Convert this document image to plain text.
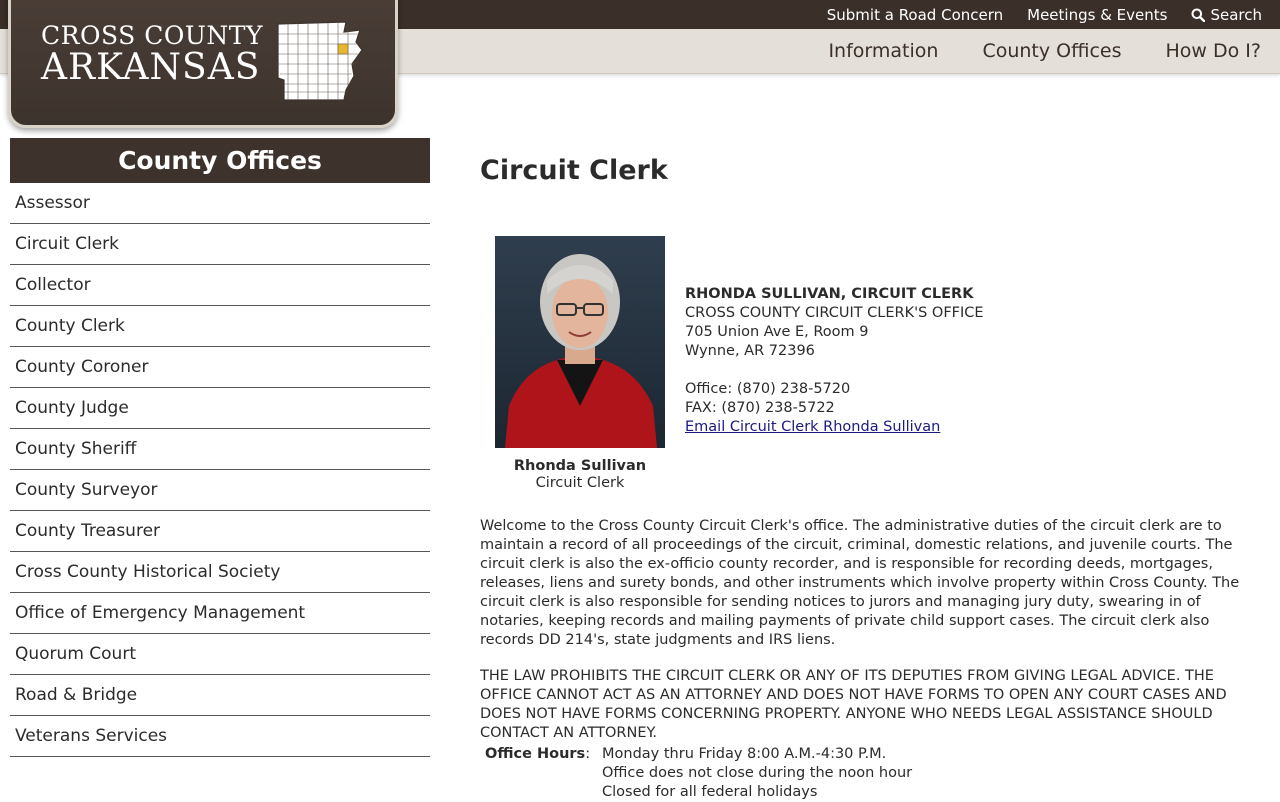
Submit a Road Concern Meetings & Events	Search
Information County Offices How Do I?
CROSS COUNTY
ARKANSAS
County Offices
Assessor
Circuit Clerk
Collector
County Clerk
County Coroner
County Judge
County Sheriff
County Surveyor
County Treasurer
Cross County Historical Society
Office of Emergency Management
Quorum Court
Road & Bridge
Veterans Services
Circuit Clerk
Rhonda Sullivan
Circuit Clerk
RHONDA SULLIVAN, CIRCUIT CLERK
CROSS COUNTY CIRCUIT CLERK'S OFFICE
705 Union Ave E, Room 9
Wynne, AR 72396
Office: (870) 238-5720
FAX: (870) 238-5722
Email Circuit Clerk Rhonda Sullivan

Welcome to the Cross County Circuit Clerk's office. The administrative duties of the circuit clerk are to maintain a record of all proceedings of the circuit, criminal, domestic relations, and juvenile courts. The circuit clerk is also the ex-officio county recorder, and is responsible for recording deeds, mortgages, releases, liens and surety bonds, and other instruments which involve property within Cross County. The circuit clerk is also responsible for sending notices to jurors and managing jury duty, swearing in of notaries, keeping records and mailing payments of private child support cases. The circuit clerk also records DD 214's, state judgments and IRS liens.

THE LAW PROHIBITS THE CIRCUIT CLERK OR ANY OF ITS DEPUTIES FROM GIVING LEGAL ADVICE. THE OFFICE CANNOT ACT AS AN ATTORNEY AND DOES NOT HAVE FORMS TO OPEN ANY COURT CASES AND DOES NOT HAVE FORMS CONCERNING PROPERTY. ANYONE WHO NEEDS LEGAL ASSISTANCE SHOULD CONTACT AN ATTORNEY.

Office Hours: Monday thru Friday 8:00 A.M.-4:30 P.M.
Office does not close during the noon hour
Closed for all federal holidays
